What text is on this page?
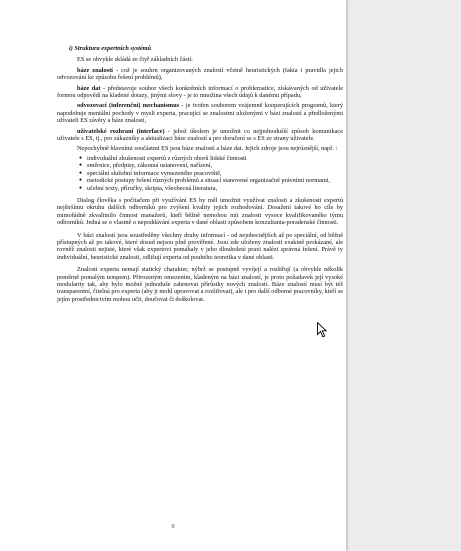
i) Struktura expertních systémů

ES se obvykle skládá ze čtyř základních částí:

báze znalostí - což je souhrn organizovaných znalostí včetně heuristických (fakta i pravidla jejich odvozování ke způsobu řešení problémů),

báze dat - představuje soubor všech konkrétních informací o problematice, získávaných od uživatele formou odpovědí na kladené dotazy, jinými slovy - je to množina všech údajů k danému případu,

odvozovací (inferenční) mechanismus - je tvořen souborem vzájemně kooperujících programů, který napodobuje mentální pochody v mysli experta, pracující se znalostmi uloženými v bázi znalostí a předloženými uživateli ES závěry a báze znalostí,

uživatelské rozhraní (interface) - jehož úkolem je umožnit co nejjednodušší způsob komunikace uživatele s ES, tj., pro zákazníky a aktualizaci báze znalostí a pro doručení se s ES ze strany uživatele.

Nepochybně hlavními součástmi ES jsou báze znalostí a báze dat. Jejich zdroje jsou nejrůznější, např. :

● individuální zkušenosti expertů z různých oborů lidské činnosti
● směrnice, předpisy, zákonná ustanovení, nařízení,
● speciální služební informace vymezeného pracoviště,
● metodické postupy řešení různých problémů a situací stanovené organizačně právními normami,
● učební texty, příručky, skripta, všeobecná literatura,

Dialog člověka s počítačem při využívání ES by měl umožnit využívat znalosti a zkušenosti expertů nejširšímu okruhu dalších odborníků pro zvýšení kvality jejich rozhodování. Dosažení takové ho cíle by mimořádně zkvalitnilo činnost manažerů, kteří běžně nemohou mít znalosti vysoce kvalifikovaného týmu odborníků. Jedná se o vlastně o nepoddávání experta v dané oblasti způsobem konzultanta-poradenské činnosti.

V bázi znalostí jsou soustředěny všechny druhy informací - od nejobecnějších až po speciální, od běžně přístupných až po takové, které dosud nejsou plně prověřené. Jsou zde uloženy znalosti exaktně prokázané, ale rovněž znalosti nejisté, které však expertovi pomáhaly v jeho dlouholeté praxi nalézt správná řešení. Právě ty individuální, heuristické znalosti, odlišují experta od pouhého teoretika v dané oblasti.

Znalosti experta nemají statický charakter, nýbrž se postupně vyvíjejí a rozšiřují (a obvykle několik poměrně pomalým tempem). Přirozeným omezením, kladeným na bázi znalostí, je proto požadavek její vysoké modularity tak, aby bylo možné jednoduše zahrnovat přírůstky nových znalostí. Báze znalostí musí být též transparentní, čitelná pro experta (aby ji mohl upravovat a rozšiřovat), ale i pro další odborné pracovníky, kteří se jejím prostřednictvím mohou učit, doučovat či doškolovat.

9
